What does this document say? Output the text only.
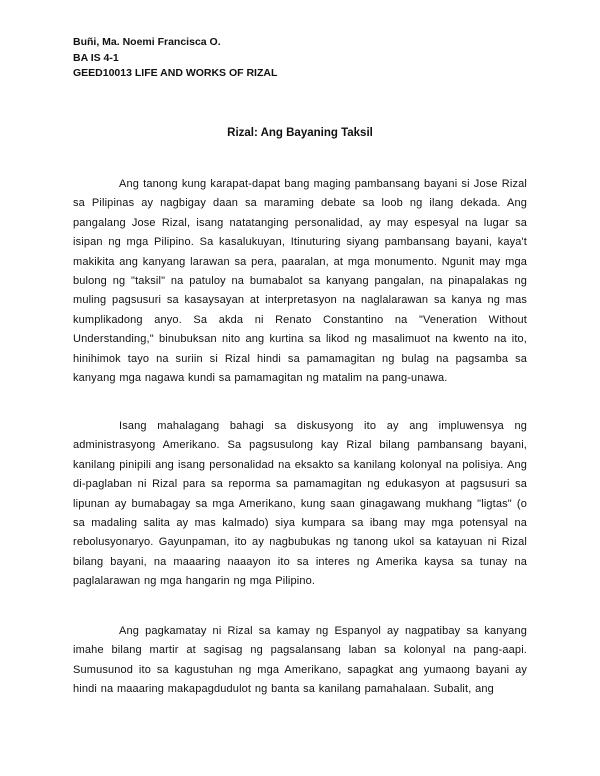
Buñi, Ma. Noemi Francisca O.
BA IS 4-1
GEED10013 LIFE AND WORKS OF RIZAL
Rizal: Ang Bayaning Taksil

Ang tanong kung karapat-dapat bang maging pambansang bayani si Jose Rizal sa Pilipinas ay nagbigay daan sa maraming debate sa loob ng ilang dekada. Ang pangalang Jose Rizal, isang natatanging personalidad, ay may espesyal na lugar sa isipan ng mga Pilipino. Sa kasalukuyan, Itinuturing siyang pambansang bayani, kaya't makikita ang kanyang larawan sa pera, paaralan, at mga monumento. Ngunit may mga bulong ng "taksil" na patuloy na bumabalot sa kanyang pangalan, na pinapalakas ng muling pagsusuri sa kasaysayan at interpretasyon na naglalarawan sa kanya ng mas kumplikadong anyo. Sa akda ni Renato Constantino na "Veneration Without Understanding," binubuksan nito ang kurtina sa likod ng masalimuot na kwento na ito, hinihimok tayo na suriin si Rizal hindi sa pamamagitan ng bulag na pagsamba sa kanyang mga nagawa kundi sa pamamagitan ng matalim na pang-unawa.

Isang mahalagang bahagi sa diskusyong ito ay ang impluwensya ng administrasyong Amerikano. Sa pagsusulong kay Rizal bilang pambansang bayani, kanilang pinipili ang isang personalidad na eksakto sa kanilang kolonyal na polisiya. Ang di-paglaban ni Rizal para sa reporma sa pamamagitan ng edukasyon at pagsusuri sa lipunan ay bumabagay sa mga Amerikano, kung saan ginagawang mukhang "ligtas" (o sa madaling salita ay mas kalmado) siya kumpara sa ibang may mga potensyal na rebolusyonaryo. Gayunpaman, ito ay nagbubukas ng tanong ukol sa katayuan ni Rizal bilang bayani, na maaaring naaayon ito sa interes ng Amerika kaysa sa tunay na paglalarawan ng mga hangarin ng mga Pilipino.

Ang pagkamatay ni Rizal sa kamay ng Espanyol ay nagpatibay sa kanyang imahe bilang martir at sagisag ng pagsalansang laban sa kolonyal na pang-aapi. Sumusunod ito sa kagustuhan ng mga Amerikano, sapagkat ang yumaong bayani ay hindi na maaaring makapagdudulot ng banta sa kanilang pamahalaan. Subalit, ang
